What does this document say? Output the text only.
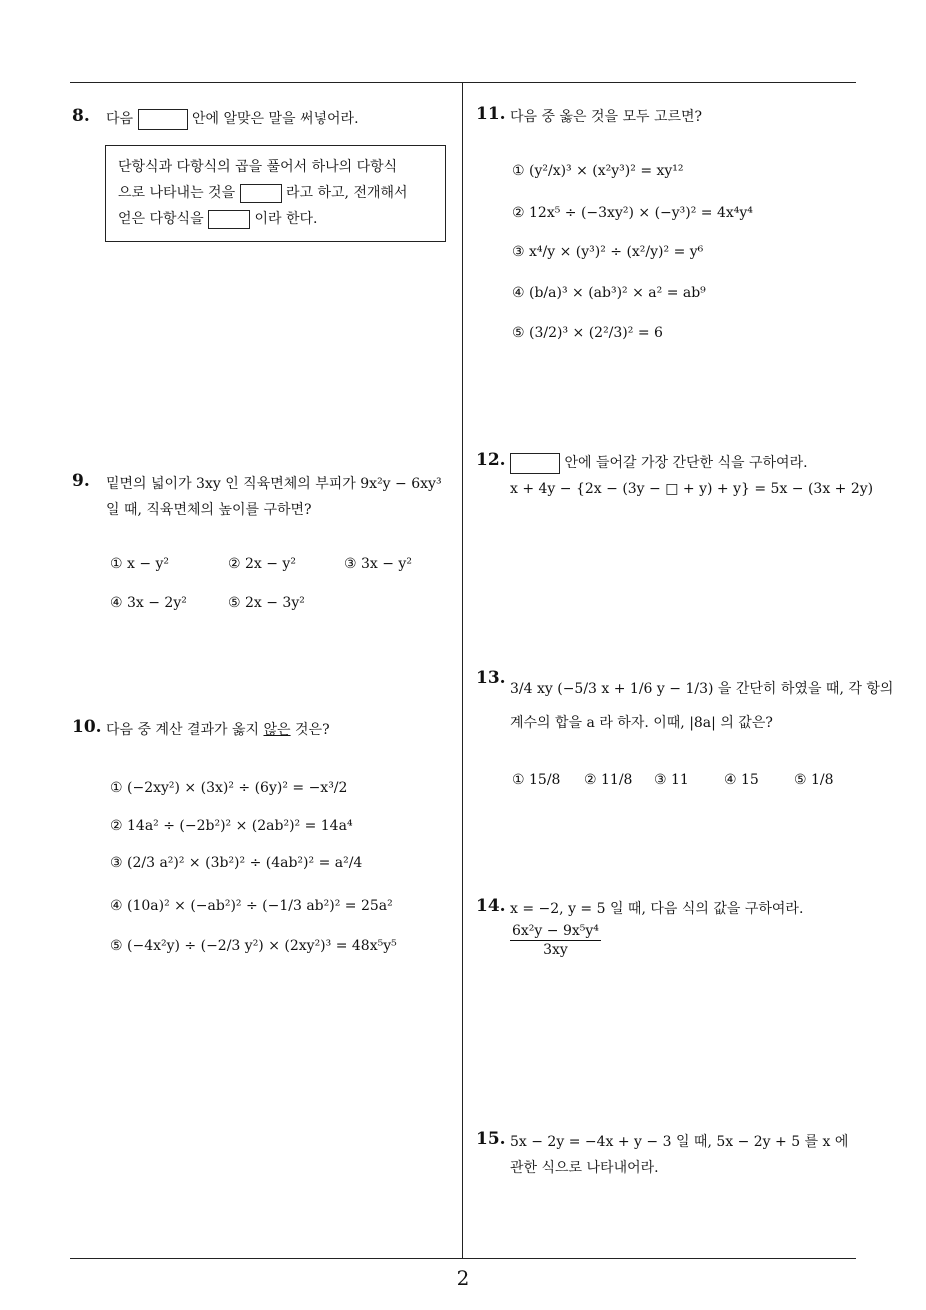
2
8. 다음	안에 알맞은 말을 써넣어라.
단항식과 다항식의 곱을 풀어서 하나의 다항식
으로 나타내는 것을	라고 하고, 전개해서
얻은 다항식을	이라 한다.
9. 밑면의 넓이가 3xy 인 직육면체의 부피가 9x²y − 6xy³
일 때, 직육면체의 높이를 구하면?
① x − y²	② 2x − y²	③ 3x − y²
④ 3x − 2y²	⑤ 2x − 3y²
10. 다음 중 계산 결과가 옳지 않은 것은?
① (−2xy²) × (3x)² ÷ (6y)² = −x³/2
② 14a² ÷ (−2b²)² × (2ab²)² = 14a⁴
③ (2/3 a²)² × (3b²)² ÷ (4ab²)² = a²/4
④ (10a)² × (−ab²)² ÷ (−1/3 ab²)² = 25a²
⑤ (−4x²y) ÷ (−2/3 y²) × (2xy²)³ = 48x⁵y⁵
11. 다음 중 옳은 것을 모두 고르면?
① (y²/x)³ × (x²y³)² = xy¹²
② 12x⁵ ÷ (−3xy²) × (−y³)² = 4x⁴y⁴
③ x⁴/y × (y³)² ÷ (x²/y)² = y⁶
④ (b/a)³ × (ab³)² × a² = ab⁹
⑤ (3/2)³ × (2²/3)² = 6
12.	안에 들어갈 가장 간단한 식을 구하여라.
x + 4y − {2x − (3y − □ + y) + y} = 5x − (3x + 2y)
13.
3/4 xy (−5/3 x + 1/6 y − 1/3) 을 간단히 하였을 때, 각 항의
계수의 합을 a 라 하자. 이때, |8a| 의 값은?
① 15/8 ② 11/8 ③ 11	④ 15	⑤ 1/8
14. x = −2, y = 5 일 때, 다음 식의 값을 구하여라.
$\frac{\text{6x²y − 9x⁵y⁴}}{3xy}$
15. 5x − 2y = −4x + y − 3 일 때, 5x − 2y + 5 를 x 에
관한 식으로 나타내어라.
